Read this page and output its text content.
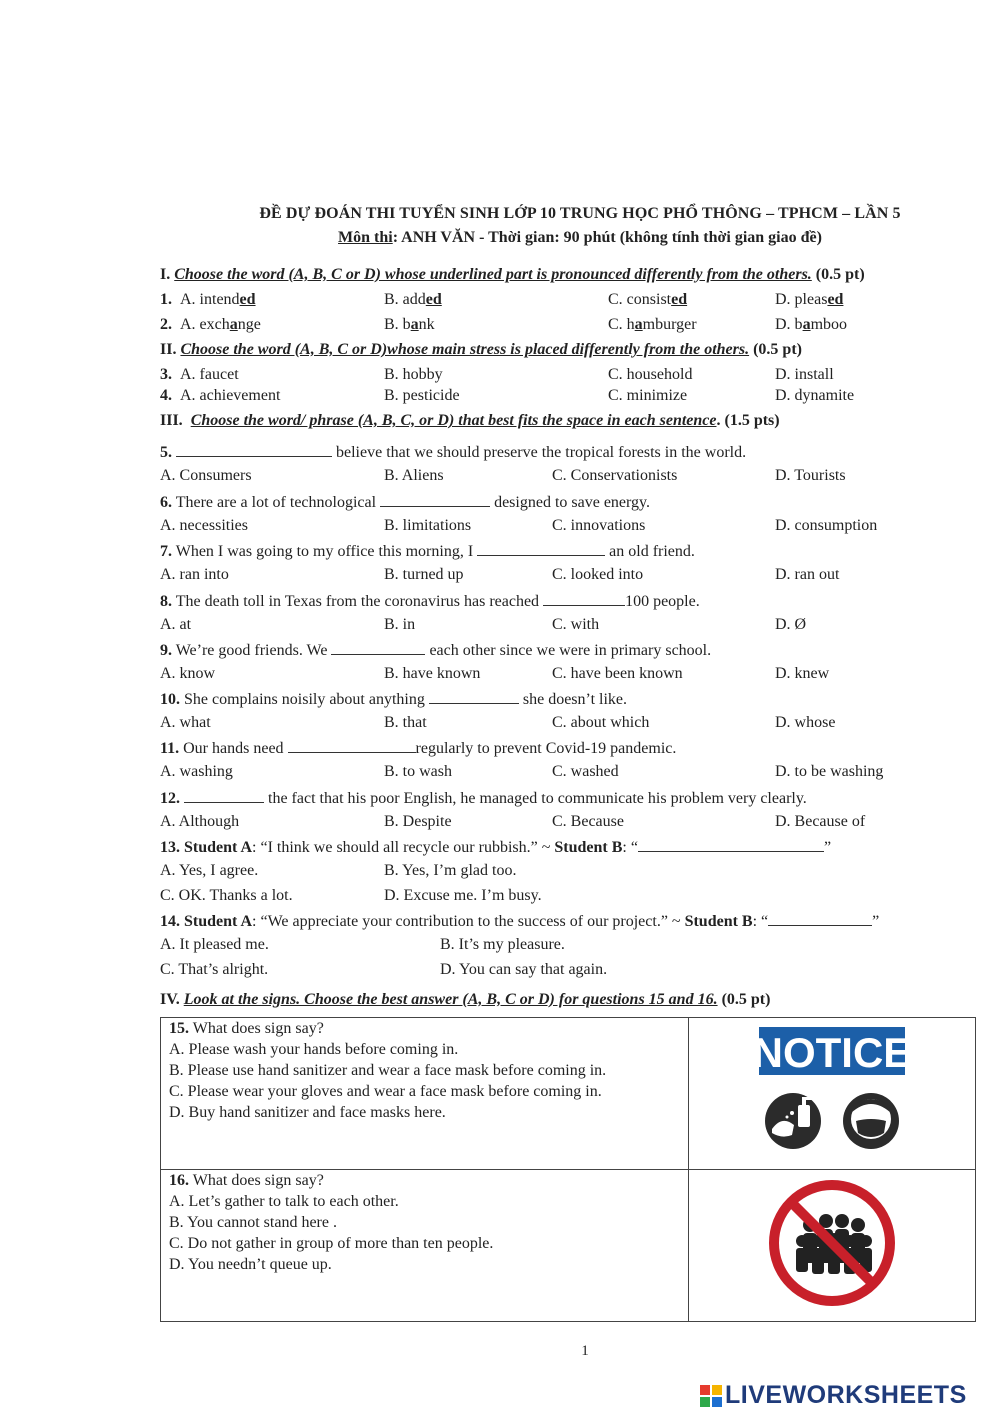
ĐỀ DỰ ĐOÁN THI TUYỂN SINH LỚP 10 TRUNG HỌC PHỔ THÔNG – TPHCM – LẦN 5
Môn thi: ANH VĂN - Thời gian: 90 phút (không tính thời gian giao đề)
I. Choose the word (A, B, C or D) whose underlined part is pronounced differently from the others. (0.5 pt)
1. A. intended	B. added	C. consisted	D. pleased
2. A. exchange	B. bank	C. hamburger	D. bamboo
II. Choose the word (A, B, C or D)whose main stress is placed differently from the others. (0.5 pt)
3. A. faucet	B. hobby	C. household	D. install
4. A. achievement	B. pesticide	C. minimize	D. dynamite
III. Choose the word/ phrase (A, B, C, or D) that best fits the space in each sentence. (1.5 pts)
5.	believe that we should preserve the tropical forests in the world.
A. Consumers	B. Aliens	C. Conservationists	D. Tourists
6. There are a lot of technological	designed to save energy.
A. necessities	B. limitations	C. innovations	D. consumption
7. When I was going to my office this morning, I	an old friend.
A. ran into	B. turned up	C. looked into	D. ran out
8. The death toll in Texas from the coronavirus has reached	100 people.
A. at	B. in	C. with	D. Ø
9. We’re good friends. We	each other since we were in primary school.
A. know	B. have known	C. have been known	D. knew
10. She complains noisily about anything	she doesn’t like.
A. what	B. that	C. about which	D. whose
11. Our hands need	regularly to prevent Covid-19 pandemic.
A. washing	B. to wash	C. washed	D. to be washing
12.	the fact that his poor English, he managed to communicate his problem very clearly.
A. Although	B. Despite	C. Because	D. Because of
13. Student A: “I think we should all recycle our rubbish.” ~ Student B: “	”
A. Yes, I agree.	B. Yes, I’m glad too.
C. OK. Thanks a lot.	D. Excuse me. I’m busy.
14. Student A: “We appreciate your contribution to the success of our project.” ~ Student B: “	”
A. It pleased me.	B. It’s my pleasure.
C. That’s alright.	D. You can say that again.
IV. Look at the signs. Choose the best answer (A, B, C or D) for questions 15 and 16. (0.5 pt)
15. What does sign say?
A. Please wash your hands before coming in.
B. Please use hand sanitizer and wear a face mask before coming in.
C. Please wear your gloves and wear a face mask before coming in.
D. Buy hand sanitizer and face masks here.	NOTICE

16. What does sign say?
A. Let’s gather to talk to each other.
B. You cannot stand here .
C. Do not gather in group of more than ten people.
D. You needn’t queue up.

1
LIVEWORKSHEETS
